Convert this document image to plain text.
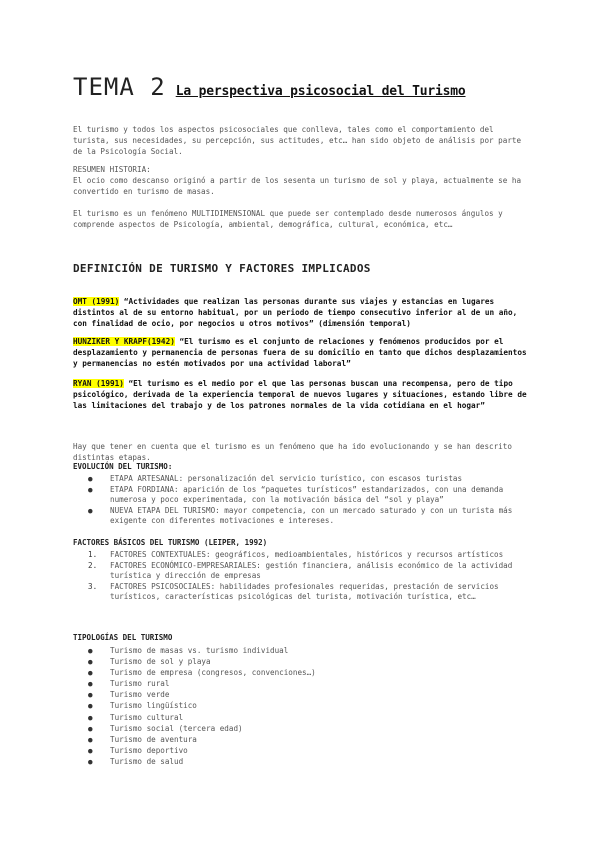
TEMA 2 La perspectiva psicosocial del Turismo
El turismo y todos los aspectos psicosociales que conlleva, tales como el comportamiento del turista, sus necesidades, su percepción, sus actitudes, etc… han sido objeto de análisis por parte de la Psicología Social.
RESUMEN HISTORIA:
El ocio como descanso originó a partir de los sesenta un turismo de sol y playa, actualmente se ha convertido en turismo de masas.
El turismo es un fenómeno MULTIDIMENSIONAL que puede ser contemplado desde numerosos ángulos y comprende aspectos de Psicología, ambiental, demográfica, cultural, económica, etc…
DEFINICIÓN DE TURISMO Y FACTORES IMPLICADOS
OMT (1991) “Actividades que realizan las personas durante sus viajes y estancias en lugares distintos al de su entorno habitual, por un periodo de tiempo consecutivo inferior al de un año, con finalidad de ocio, por negocios u otros motivos” (dimensión temporal)
HUNZIKER Y KRAPF(1942) “El turismo es el conjunto de relaciones y fenómenos producidos por el desplazamiento y permanencia de personas fuera de su domicilio en tanto que dichos desplazamientos y permanencias no estén motivados por una actividad laboral”
RYAN (1991) “El turismo es el medio por el que las personas buscan una recompensa, pero de tipo psicológico, derivada de la experiencia temporal de nuevos lugares y situaciones, estando libre de las limitaciones del trabajo y de los patrones normales de la vida cotidiana en el hogar”
Hay que tener en cuenta que el turismo es un fenómeno que ha ido evolucionando y se han descrito distintas etapas.
EVOLUCIÓN DEL TURISMO:
● ETAPA ARTESANAL: personalización del servicio turístico, con escasos turistas
● ETAPA FORDIANA: aparición de los “paquetes turísticos” estandarizados, con una demanda numerosa y poco experimentada, con la motivación básica del “sol y playa”
● NUEVA ETAPA DEL TURISMO: mayor competencia, con un mercado saturado y con un turista más exigente con diferentes motivaciones e intereses.
FACTORES BÁSICOS DEL TURISMO (LEIPER, 1992)
1. FACTORES CONTEXTUALES: geográficos, medioambientales, históricos y recursos artísticos
2. FACTORES ECONÓMICO-EMPRESARIALES: gestión financiera, análisis económico de la actividad turística y dirección de empresas
3. FACTORES PSICOSOCIALES: habilidades profesionales requeridas, prestación de servicios turísticos, características psicológicas del turista, motivación turística, etc…
TIPOLOGÍAS DEL TURISMO
● Turismo de masas vs. turismo individual
● Turismo de sol y playa
● Turismo de empresa (congresos, convenciones…)
● Turismo rural
● Turismo verde
● Turismo lingüístico
● Turismo cultural
● Turismo social (tercera edad)
● Turismo de aventura
● Turismo deportivo
● Turismo de salud
